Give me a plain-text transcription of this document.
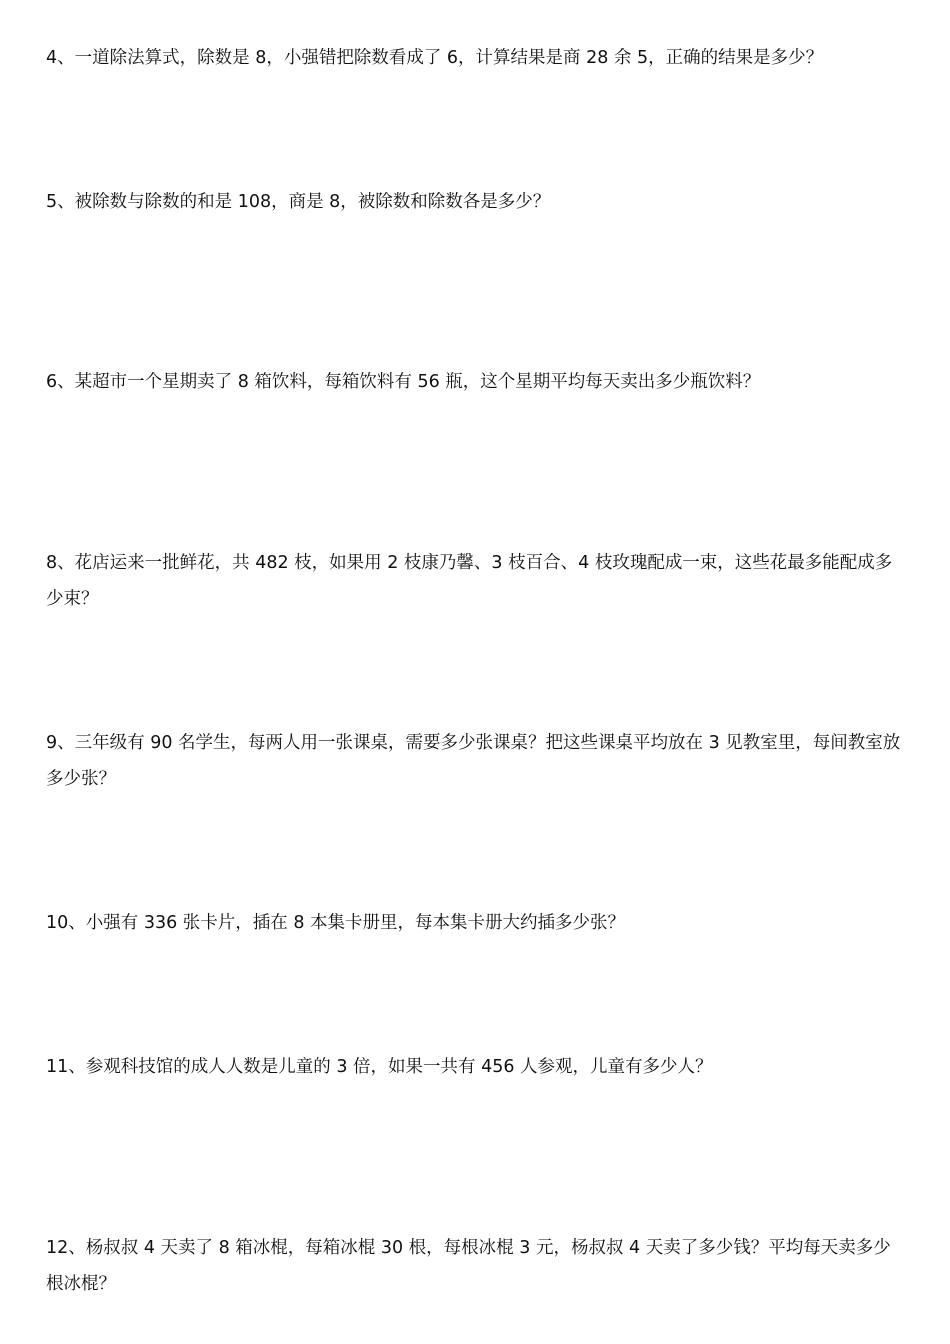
4、一道除法算式，除数是 8，小强错把除数看成了 6，计算结果是商 28 余 5，正确的结果是多少？

5、被除数与除数的和是 108，商是 8，被除数和除数各是多少？

6、某超市一个星期卖了 8 箱饮料，每箱饮料有 56 瓶，这个星期平均每天卖出多少瓶饮料？

8、花店运来一批鲜花，共 482 枝，如果用 2 枝康乃馨、3 枝百合、4 枝玫瑰配成一束，这些花最多能配成多少束？

9、三年级有 90 名学生，每两人用一张课桌，需要多少张课桌？把这些课桌平均放在 3 见教室里，每间教室放多少张？

10、小强有 336 张卡片，插在 8 本集卡册里，每本集卡册大约插多少张？

11、参观科技馆的成人人数是儿童的 3 倍，如果一共有 456 人参观，儿童有多少人？

12、杨叔叔 4 天卖了 8 箱冰棍，每箱冰棍 30 根，每根冰棍 3 元，杨叔叔 4 天卖了多少钱？平均每天卖多少根冰棍？
